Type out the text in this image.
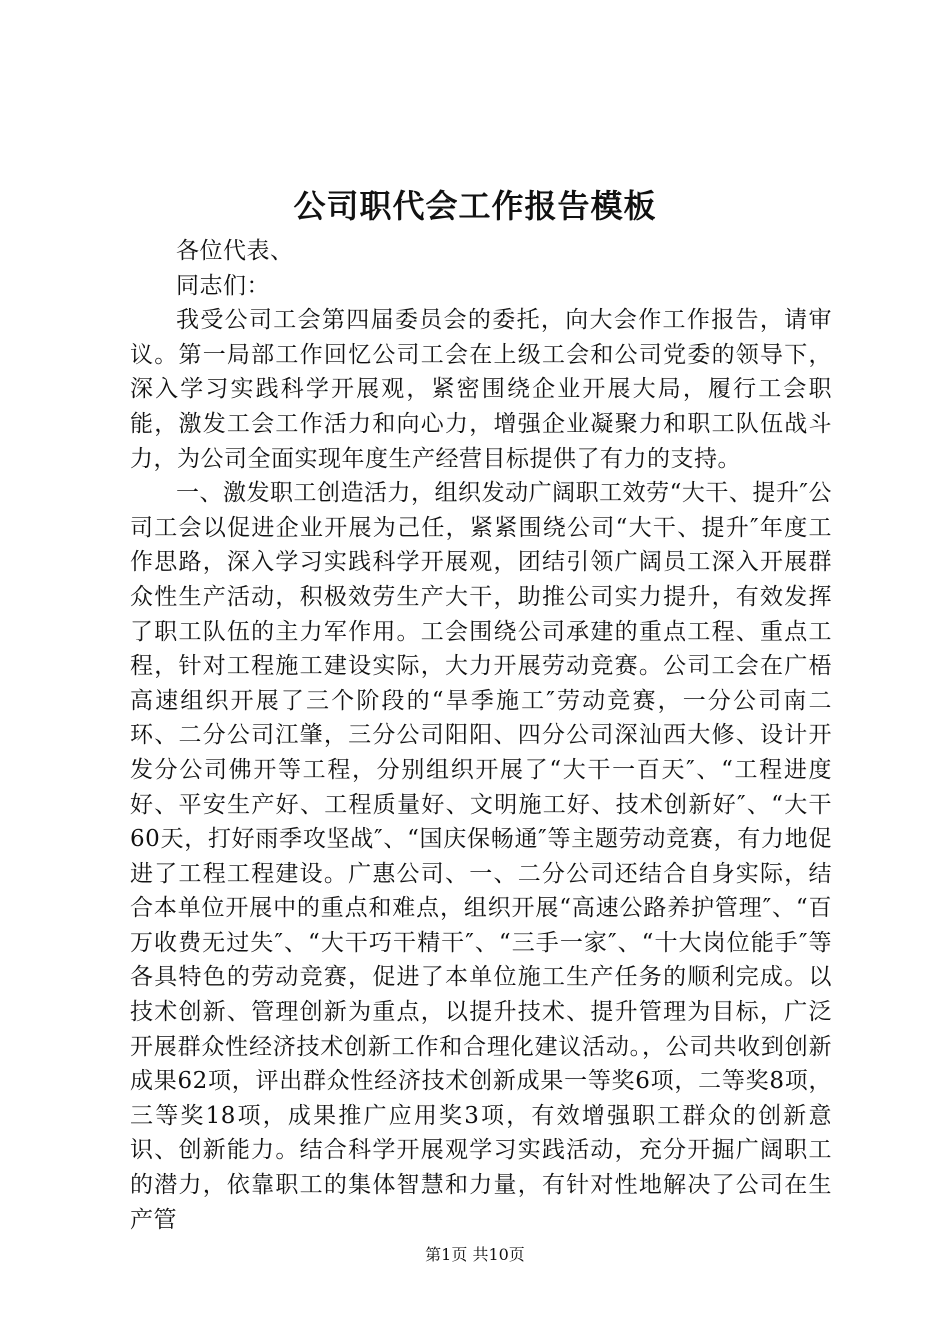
公司职代会工作报告模板

各位代表、

同志们：

我受公司工会第四届委员会的委托，向大会作工作报告，请审议。第一局部工作回忆公司工会在上级工会和公司党委的领导下，深入学习实践科学开展观，紧密围绕企业开展大局，履行工会职能，激发工会工作活力和向心力，增强企业凝聚力和职工队伍战斗力，为公司全面实现年度生产经营目标提供了有力的支持。

一、激发职工创造活力，组织发动广阔职工效劳“大干、提升″公司工会以促进企业开展为己任，紧紧围绕公司“大干、提升″年度工作思路，深入学习实践科学开展观，团结引领广阔员工深入开展群众性生产活动，积极效劳生产大干，助推公司实力提升，有效发挥了职工队伍的主力军作用。工会围绕公司承建的重点工程、重点工程，针对工程施工建设实际，大力开展劳动竞赛。公司工会在广梧高速组织开展了三个阶段的“旱季施工″劳动竞赛，一分公司南二环、二分公司江肇，三分公司阳阳、四分公司深汕西大修、设计开发分公司佛开等工程，分别组织开展了“大干一百天″、“工程进度好、平安生产好、工程质量好、文明施工好、技术创新好″、“大干60天，打好雨季攻坚战″、“国庆保畅通″等主题劳动竞赛，有力地促进了工程工程建设。广惠公司、一、二分公司还结合自身实际，结合本单位开展中的重点和难点，组织开展“高速公路养护管理″、“百万收费无过失″、“大干巧干精干″、“三手一家″、“十大岗位能手″等各具特色的劳动竞赛，促进了本单位施工生产任务的顺利完成。以技术创新、管理创新为重点，以提升技术、提升管理为目标，广泛开展群众性经济技术创新工作和合理化建议活动。，公司共收到创新成果62项，评出群众性经济技术创新成果一等奖6项，二等奖8项，三等奖18项，成果推广应用奖3项，有效增强职工群众的创新意识、创新能力。结合科学开展观学习实践活动，充分开掘广阔职工的潜力，依靠职工的集体智慧和力量，有针对性地解决了公司在生产管

第1页 共10页
